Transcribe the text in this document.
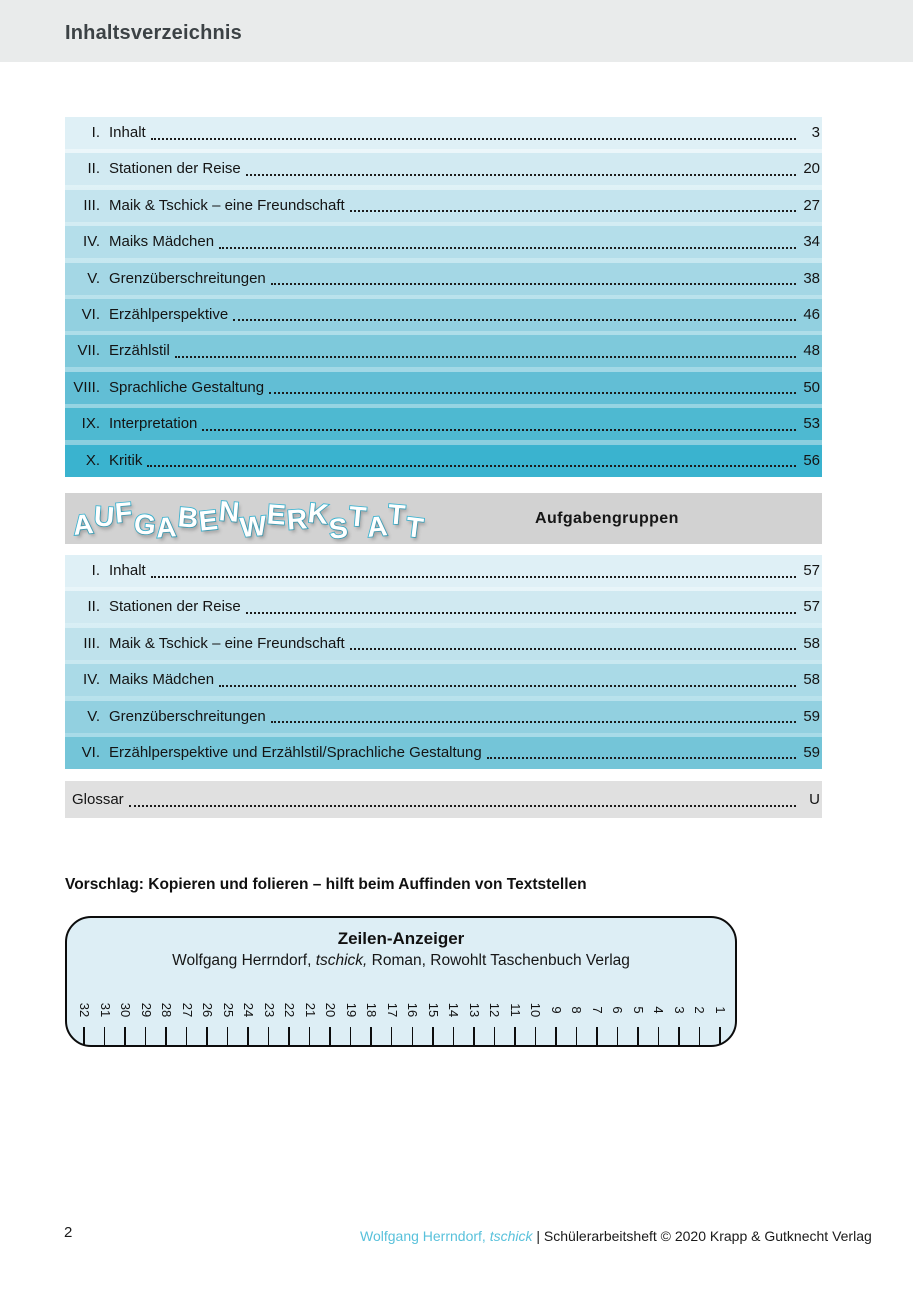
Inhaltsverzeichnis
I. Inhalt	3
II. Stationen der Reise	20
III. Maik & Tschick – eine Freundschaft	27
IV. Maiks Mädchen	34
V. Grenzüberschreitungen	38
VI. Erzählperspektive	46
VII. Erzählstil	48
VIII. Sprachliche Gestaltung	50
IX. Interpretation	53
X. Kritik	56
A
U
F
G
A
B
E
N
W
E
R
K
S
T
A
T
T	Aufgabengruppen
I. Inhalt	57
II. Stationen der Reise	57
III. Maik & Tschick – eine Freundschaft	58
IV. Maiks Mädchen	58
V. Grenzüberschreitungen	59
VI. Erzählperspektive und Erzählstil/Sprachliche Gestaltung	59
Glossar	U
Vorschlag: Kopieren und folieren – hilft beim Auffinden von Textstellen
Zeilen-Anzeiger
Wolfgang Herrndorf, tschick, Roman, Rowohlt Taschenbuch Verlag
32 31 30 29 28 27 26 25 24 23 22 21 20 19 18 17 16 15 14 13 12 11 10 9 8 7 6 5 4 3 2 1
2	Wolfgang Herrndorf, tschick | Schülerarbeitsheft © 2020 Krapp & Gutknecht Verlag
